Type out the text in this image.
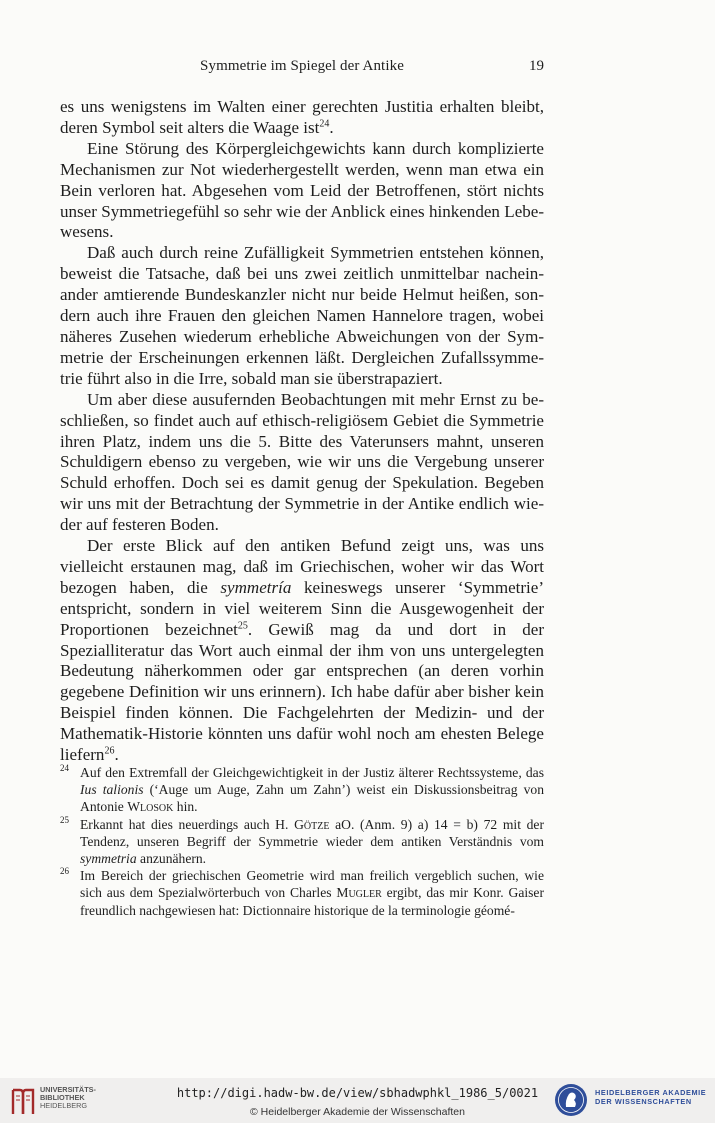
Symmetrie im Spiegel der Antike	19

es uns wenigstens im Walten einer gerechten Justitia erhalten bleibt, deren Symbol seit alters die Waage ist$^{24}$.

Eine Störung des Körpergleichgewichts kann durch komplizierte Mechanismen zur Not wiederhergestellt werden, wenn man etwa ein Bein verloren hat. Abgesehen vom Leid der Betroffenen, stört nichts unser Symmetriegefühl so sehr wie der Anblick eines hinkenden Lebewesens.

Daß auch durch reine Zufälligkeit Symmetrien entstehen können, beweist die Tatsache, daß bei uns zwei zeitlich unmittelbar nacheinander amtierende Bundeskanzler nicht nur beide Helmut heißen, sondern auch ihre Frauen den gleichen Namen Hannelore tragen, wobei näheres Zusehen wiederum erhebliche Abweichungen von der Symmetrie der Erscheinungen erkennen läßt. Dergleichen Zufallssymmetrie führt also in die Irre, sobald man sie überstrapaziert.

Um aber diese ausufernden Beobachtungen mit mehr Ernst zu beschließen, so findet auch auf ethisch-religiösem Gebiet die Symmetrie ihren Platz, indem uns die 5. Bitte des Vaterunsers mahnt, unseren Schuldigern ebenso zu vergeben, wie wir uns die Vergebung unserer Schuld erhoffen. Doch sei es damit genug der Spekulation. Begeben wir uns mit der Betrachtung der Symmetrie in der Antike endlich wieder auf festeren Boden.

Der erste Blick auf den antiken Befund zeigt uns, was uns vielleicht erstaunen mag, daß im Griechischen, woher wir das Wort bezogen haben, die symmetría keineswegs unserer ‘Symmetrie’ entspricht, sondern in viel weiterem Sinn die Ausgewogenheit der Proportionen bezeichnet$^{25}$. Gewiß mag da und dort in der Spezialliteratur das Wort auch einmal der ihm von uns untergelegten Bedeutung näherkommen oder gar entsprechen (an deren vorhin gegebene Definition wir uns erinnern). Ich habe dafür aber bisher kein Beispiel finden können. Die Fachgelehrten der Medizin- und der Mathematik-Historie könnten uns dafür wohl noch am ehesten Belege liefern$^{26}$.

24 Auf den Extremfall der Gleichgewichtigkeit in der Justiz älterer Rechtssysteme, das Ius talionis (‘Auge um Auge, Zahn um Zahn’) weist ein Diskussionsbeitrag von Antonie Wlosok hin.
25 Erkannt hat dies neuerdings auch H. Götze aO. (Anm. 9) a) 14 = b) 72 mit der Tendenz, unseren Begriff der Symmetrie wieder dem antiken Verständnis vom symmetria anzunähern.
26 Im Bereich der griechischen Geometrie wird man freilich vergeblich suchen, wie sich aus dem Spezialwörterbuch von Charles Mugler ergibt, das mir Konr. Gaiser freundlich nachgewiesen hat: Dictionnaire historique de la terminologie géomé-
UNIVERSITÄTS-
BIBLIOTHEK
HEIDELBERG
http://digi.hadw-bw.de/view/sbhadwphkl_1986_5/0021
© Heidelberger Akademie der Wissenschaften
HEIDELBERGER AKADEMIE
DER WISSENSCHAFTEN
